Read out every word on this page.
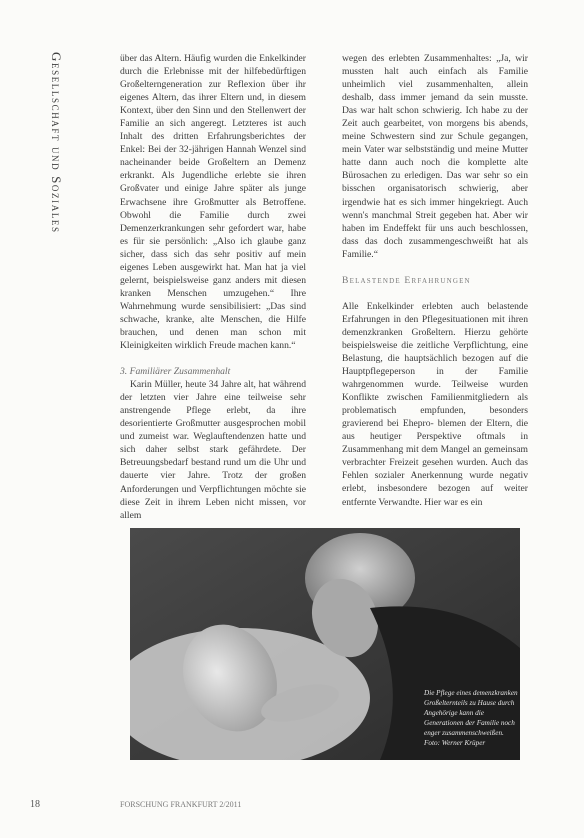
Gesellschaft und Soziales	über das Altern. Häufig wurden die Enkelkinder durch die Erlebnisse mit der hilfebedürftigen Großelterngeneration zur Reflexion über ihr eigenes Altern, das ihrer Eltern und, in diesem Kontext, über den Sinn und den Stellenwert der Familie an sich angeregt. Letzteres ist auch Inhalt des dritten Erfahrungsberichtes der Enkel: Bei der 32-jährigen Hannah Wenzel sind nacheinander beide Großeltern an Demenz erkrankt. Als Jugendliche erlebte sie ihren Großvater und einige Jahre später als junge Erwachsene ihre Großmutter als Betroffene. Obwohl die Familie durch zwei Demenzerkrankungen sehr gefordert war, habe es für sie persönlich: „Also ich glaube ganz sicher, dass sich das sehr positiv auf mein eigenes Leben ausgewirkt hat. Man hat ja viel gelernt, beispielsweise ganz anders mit diesen kranken Menschen umzugehen.“ Ihre Wahrnehmung wurde sensibilisiert: „Das sind schwache, kranke, alte Menschen, die Hilfe brauchen, und denen man schon mit Kleinigkeiten wirklich Freude machen kann.“

3. Familiärer Zusammenhalt

Karin Müller, heute 34 Jahre alt, hat während der letzten vier Jahre eine teilweise sehr anstrengende Pflege erlebt, da ihre desorientierte Großmutter ausgesprochen mobil und zumeist war. Weglauftendenzen hatte und sich daher selbst stark gefährdete. Der Betreuungsbedarf bestand rund um die Uhr und dauerte vier Jahre. Trotz der großen Anforderungen und Verpflichtungen möchte sie diese Zeit in ihrem Leben nicht missen, vor allem

wegen des erlebten Zusammenhaltes: „Ja, wir mussten halt auch einfach als Familie unheimlich viel zusammenhalten, allein deshalb, dass immer jemand da sein musste. Das war halt schon schwierig. Ich habe zu der Zeit auch gearbeitet, von morgens bis abends, meine Schwestern sind zur Schule gegangen, mein Vater war selbstständig und meine Mutter hatte dann auch noch die komplette alte Bürosachen zu erledigen. Das war sehr so ein bisschen organisatorisch schwierig, aber irgendwie hat es sich immer hingekriegt. Auch wenn's manchmal Streit gegeben hat. Aber wir haben im Endeffekt für uns auch beschlossen, dass das doch zusammengeschweißt hat als Familie.“

Belastende Erfahrungen

Alle Enkelkinder erlebten auch belastende Erfahrungen in den Pflegesituationen mit ihren demenzkranken Großeltern. Hierzu gehörte beispielsweise die zeitliche Verpflichtung, eine Belastung, die hauptsächlich bezogen auf die Hauptpflegeperson in der Familie wahrgenommen wurde. Teilweise wurden Konflikte zwischen Familienmitgliedern als problematisch empfunden, besonders gravierend bei Ehepro- blemen der Eltern, die aus heutiger Perspektive oftmals in Zusammenhang mit dem Mangel an gemeinsam verbrachter Freizeit gesehen wurden. Auch das Fehlen sozialer Anerkennung wurde negativ erlebt, insbesondere bezogen auf weiter entfernte Verwandte. Hier war es ein

Die Pflege eines demenzkranken Großelternteils zu Hause durch Angehörige kann die Generationen der Familie noch enger zusammenschweißen. Foto: Werner Krüper
18	FORSCHUNG FRANKFURT 2/2011
